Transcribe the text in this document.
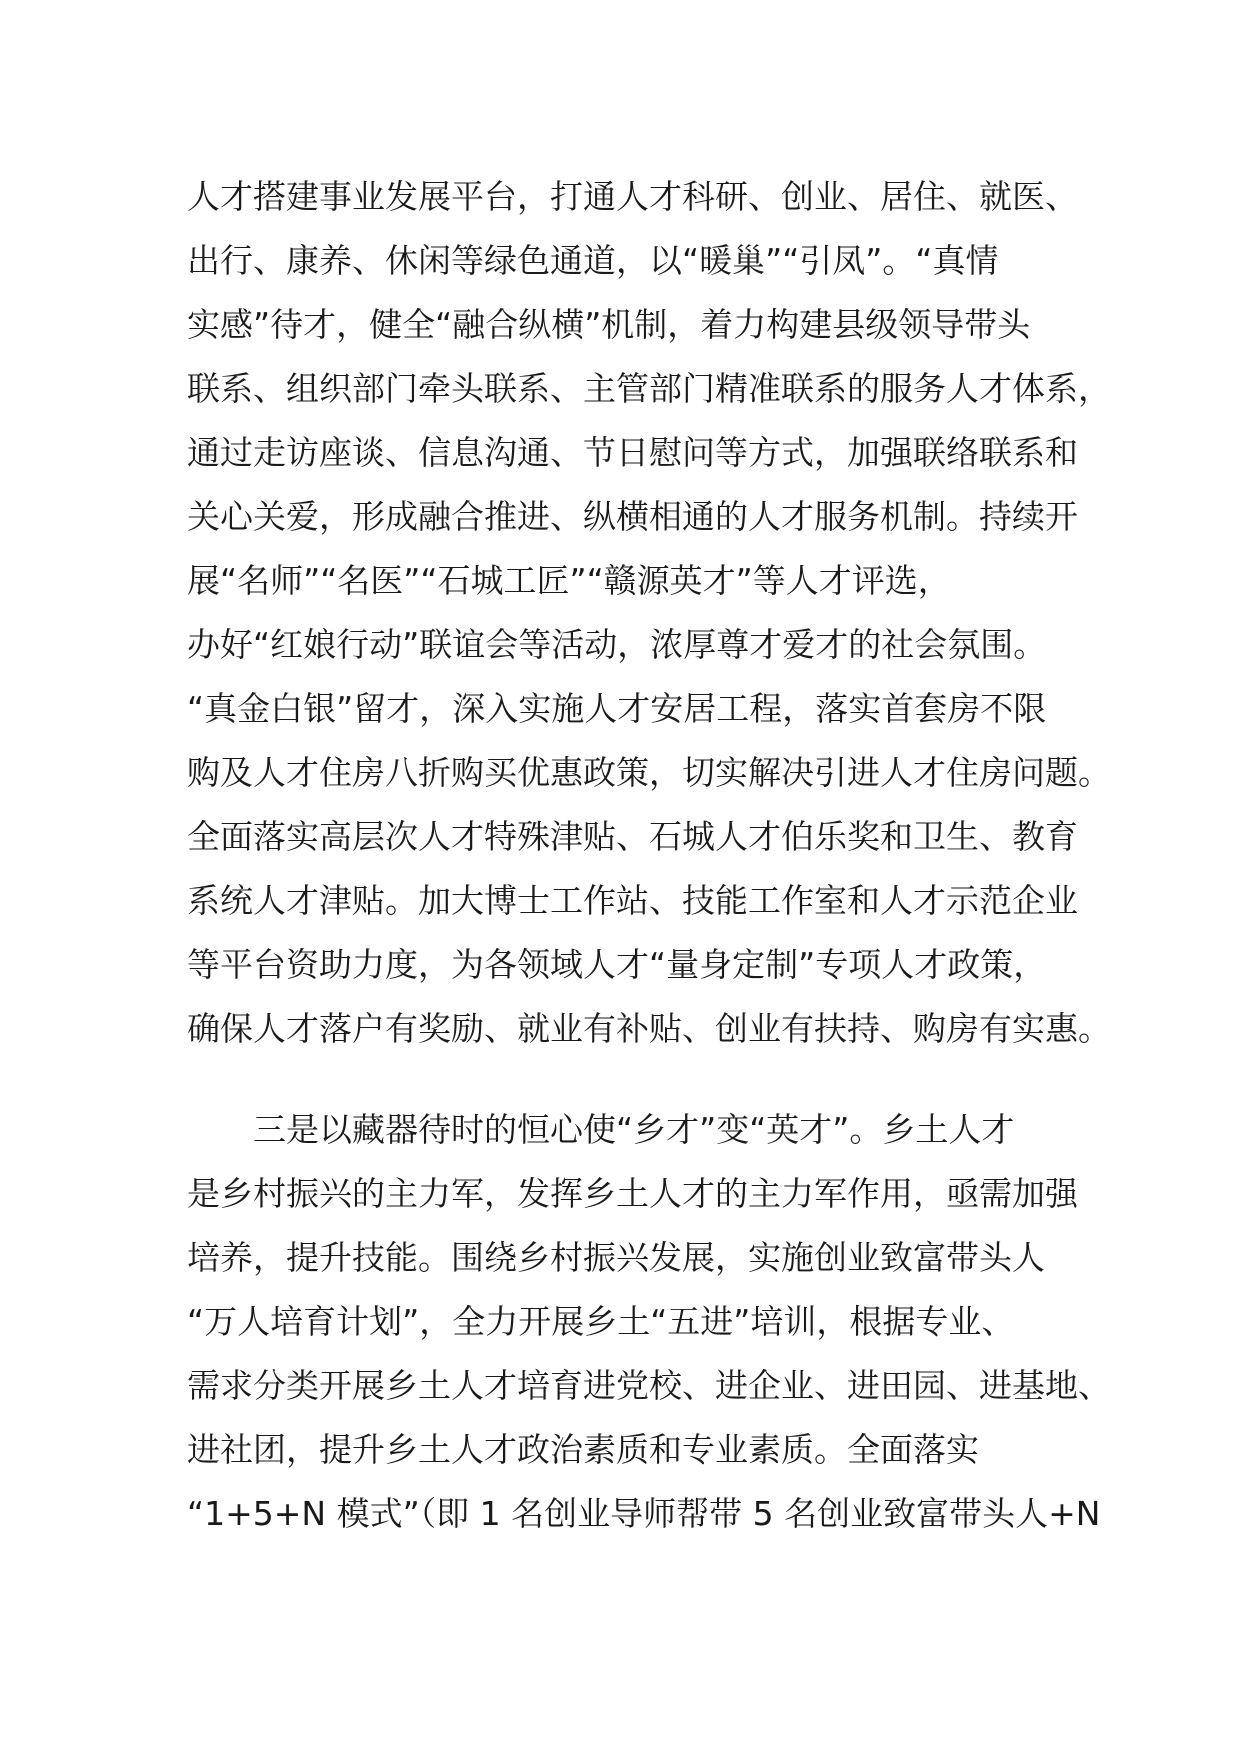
人才搭建事业发展平台，打通人才科研、创业、居住、就医、
出行、康养、休闲等绿色通道，以“暖巢”“引凤”。“真情
实感”待才，健全“融合纵横”机制，着力构建县级领导带头
联系、组织部门牵头联系、主管部门精准联系的服务人才体系，
通过走访座谈、信息沟通、节日慰问等方式，加强联络联系和
关心关爱，形成融合推进、纵横相通的人才服务机制。持续开
展“名师”“名医”“石城工匠”“赣源英才”等人才评选，
办好“红娘行动”联谊会等活动，浓厚尊才爱才的社会氛围。
“真金白银”留才，深入实施人才安居工程，落实首套房不限
购及人才住房八折购买优惠政策，切实解决引进人才住房问题。
全面落实高层次人才特殊津贴、石城人才伯乐奖和卫生、教育
系统人才津贴。加大博士工作站、技能工作室和人才示范企业
等平台资助力度，为各领域人才“量身定制”专项人才政策，
确保人才落户有奖励、就业有补贴、创业有扶持、购房有实惠。
　　三是以藏器待时的恒心使“乡才”变“英才”。乡土人才
是乡村振兴的主力军，发挥乡土人才的主力军作用，亟需加强
培养，提升技能。围绕乡村振兴发展，实施创业致富带头人
“万人培育计划”，全力开展乡土“五进”培训，根据专业、
需求分类开展乡土人才培育进党校、进企业、进田园、进基地、
进社团，提升乡土人才政治素质和专业素质。全面落实
“1+5+N 模式”（即 1 名创业导师帮带 5 名创业致富带头人+N
